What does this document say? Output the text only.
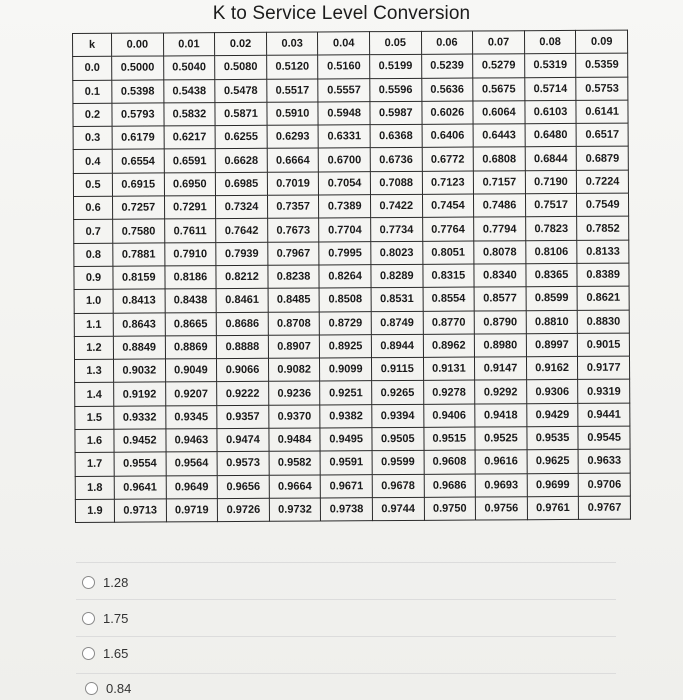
K to Service Level Conversion
k	0.00	0.01	0.02	0.03	0.04	0.05	0.06	0.07	0.08	0.09
0.0	0.5000	0.5040	0.5080	0.5120	0.5160	0.5199	0.5239	0.5279	0.5319	0.5359
0.1	0.5398	0.5438	0.5478	0.5517	0.5557	0.5596	0.5636	0.5675	0.5714	0.5753
0.2	0.5793	0.5832	0.5871	0.5910	0.5948	0.5987	0.6026	0.6064	0.6103	0.6141
0.3	0.6179	0.6217	0.6255	0.6293	0.6331	0.6368	0.6406	0.6443	0.6480	0.6517
0.4	0.6554	0.6591	0.6628	0.6664	0.6700	0.6736	0.6772	0.6808	0.6844	0.6879
0.5	0.6915	0.6950	0.6985	0.7019	0.7054	0.7088	0.7123	0.7157	0.7190	0.7224
0.6	0.7257	0.7291	0.7324	0.7357	0.7389	0.7422	0.7454	0.7486	0.7517	0.7549
0.7	0.7580	0.7611	0.7642	0.7673	0.7704	0.7734	0.7764	0.7794	0.7823	0.7852
0.8	0.7881	0.7910	0.7939	0.7967	0.7995	0.8023	0.8051	0.8078	0.8106	0.8133
0.9	0.8159	0.8186	0.8212	0.8238	0.8264	0.8289	0.8315	0.8340	0.8365	0.8389
1.0	0.8413	0.8438	0.8461	0.8485	0.8508	0.8531	0.8554	0.8577	0.8599	0.8621
1.1	0.8643	0.8665	0.8686	0.8708	0.8729	0.8749	0.8770	0.8790	0.8810	0.8830
1.2	0.8849	0.8869	0.8888	0.8907	0.8925	0.8944	0.8962	0.8980	0.8997	0.9015
1.3	0.9032	0.9049	0.9066	0.9082	0.9099	0.9115	0.9131	0.9147	0.9162	0.9177
1.4	0.9192	0.9207	0.9222	0.9236	0.9251	0.9265	0.9278	0.9292	0.9306	0.9319
1.5	0.9332	0.9345	0.9357	0.9370	0.9382	0.9394	0.9406	0.9418	0.9429	0.9441
1.6	0.9452	0.9463	0.9474	0.9484	0.9495	0.9505	0.9515	0.9525	0.9535	0.9545
1.7	0.9554	0.9564	0.9573	0.9582	0.9591	0.9599	0.9608	0.9616	0.9625	0.9633
1.8	0.9641	0.9649	0.9656	0.9664	0.9671	0.9678	0.9686	0.9693	0.9699	0.9706
1.9	0.9713	0.9719	0.9726	0.9732	0.9738	0.9744	0.9750	0.9756	0.9761	0.9767
1.28
1.75
1.65
0.84
